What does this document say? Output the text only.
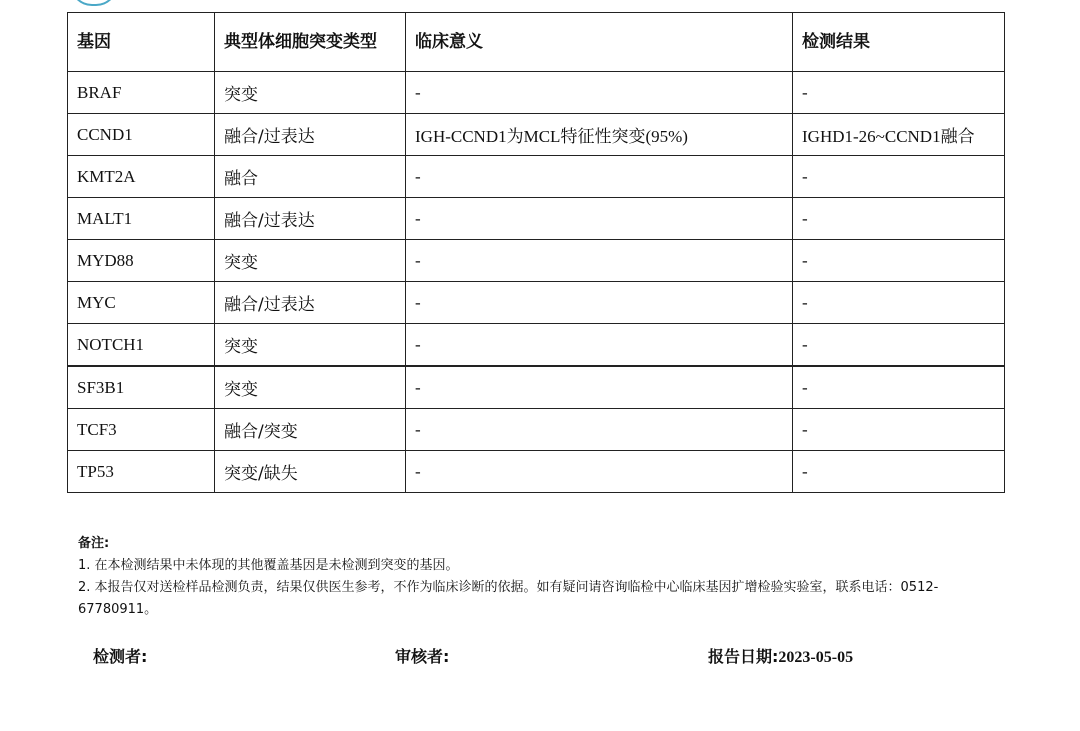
基因	典型体细胞突变类型	临床意义	检测结果
BRAF	突变	-	-
CCND1	融合/过表达	IGH-CCND1为MCL特征性突变(95%)	IGHD1-26~CCND1融合
KMT2A	融合	-	-
MALT1	融合/过表达	-	-
MYD88	突变	-	-
MYC	融合/过表达	-	-
NOTCH1	突变	-	-
SF3B1	突变	-	-
TCF3	融合/突变	-	-
TP53	突变/缺失	-	-
备注:
1. 在本检测结果中未体现的其他覆盖基因是未检测到突变的基因。
2. 本报告仅对送检样品检测负责，结果仅供医生参考，不作为临床诊断的依据。如有疑问请咨询临检中心临床基因扩增检验实验室，联系电话：0512-67780911。
检测者:	审核者:	报告日期:2023-05-05
